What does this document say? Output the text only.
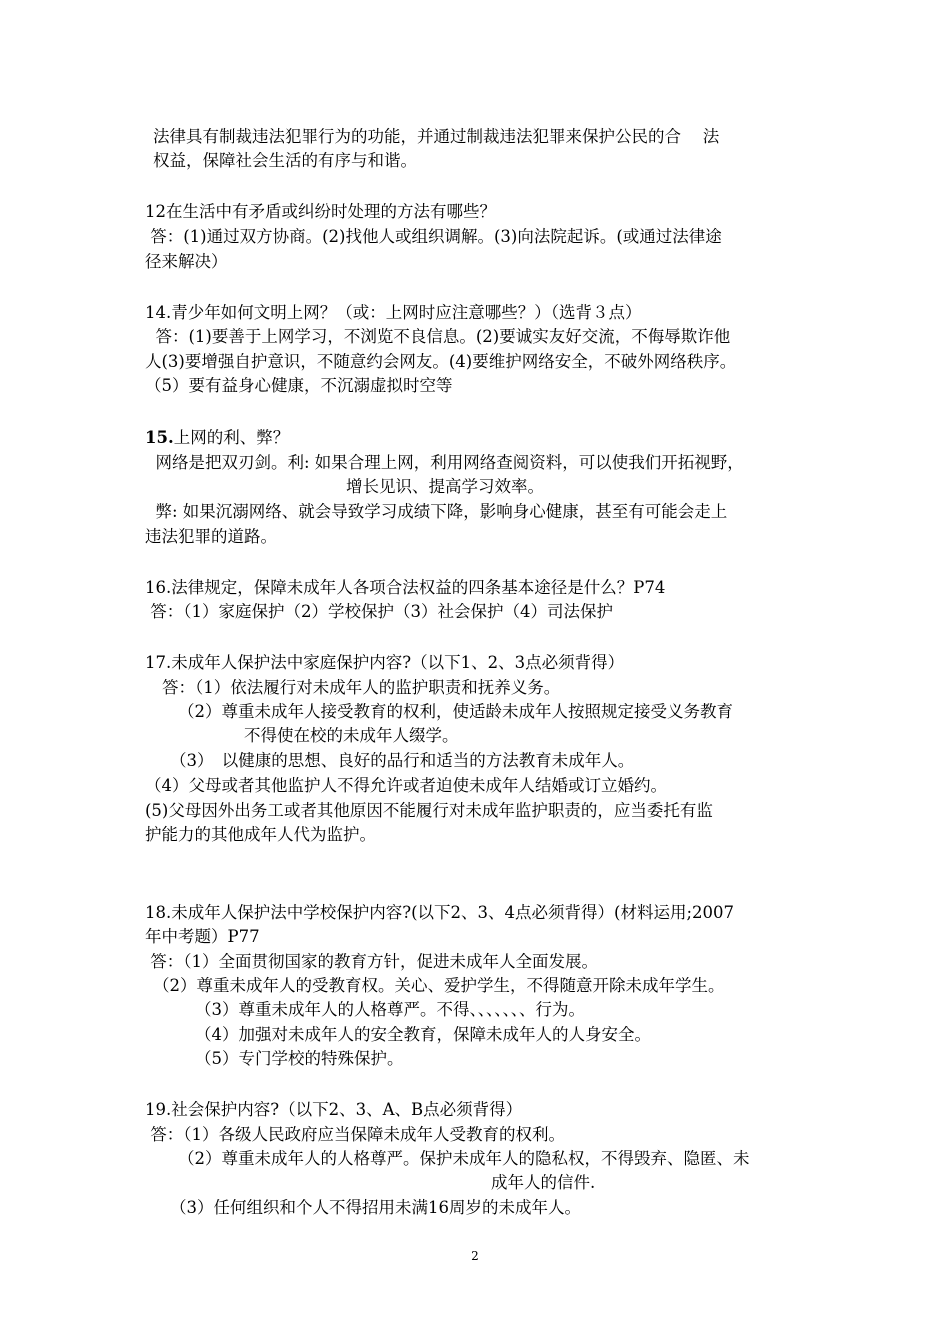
法律具有制裁违法犯罪行为的功能，并通过制裁违法犯罪来保护公民的合　 法
权益，保障社会生活的有序与和谐。
12在生活中有矛盾或纠纷时处理的方法有哪些？
答：(1)通过双方协商。(2)找他人或组织调解。(3)向法院起诉。(或通过法律途
径来解决）
14.青少年如何文明上网？（或：上网时应注意哪些？）（选背３点）
答：(1)要善于上网学习，不浏览不良信息。(2)要诚实友好交流，不侮辱欺诈他
人(3)要增强自护意识，不随意约会网友。(4)要维护网络安全，不破外网络秩序。
（5）要有益身心健康，不沉溺虚拟时空等
15.上网的利、弊？
网络是把双刃剑。利: 如果合理上网，利用网络查阅资料，可以使我们开拓视野，
增长见识、提高学习效率。
弊: 如果沉溺网络、就会导致学习成绩下降，影响身心健康，甚至有可能会走上
违法犯罪的道路。
16.法律规定，保障未成年人各项合法权益的四条基本途径是什么？P74
答：（1）家庭保护（2）学校保护（3）社会保护（4）司法保护
17.未成年人保护法中家庭保护内容?（以下1、2、3点必须背得）
答：（1）依法履行对未成年人的监护职责和抚养义务。
（2）尊重未成年人接受教育的权利，使适龄未成年人按照规定接受义务教育
不得使在校的未成年人缀学。
（3）　以健康的思想、良好的品行和适当的方法教育未成年人。
（4）父母或者其他监护人不得允许或者迫使未成年人结婚或订立婚约。
(5)父母因外出务工或者其他原因不能履行对未成年监护职责的，应当委托有监
护能力的其他成年人代为监护。
18.未成年人保护法中学校保护内容?(以下2、3、4点必须背得）(材料运用;2007
年中考题）P77
答：（1）全面贯彻国家的教育方针，促进未成年人全面发展。
（2）尊重未成年人的受教育权。关心、爱护学生，不得随意开除未成年学生。
（3）尊重未成年人的人格尊严。不得、、、、、、、行为。
（4）加强对未成年人的安全教育，保障未成年人的人身安全。
（5）专门学校的特殊保护。
19.社会保护内容?（以下2、3、A、B点必须背得）
答：（1）各级人民政府应当保障未成年人受教育的权利。
（2）尊重未成年人的人格尊严。保护未成年人的隐私权，不得毁弃、隐匿、未
成年人的信件.
（3）任何组织和个人不得招用未满16周岁的未成年人。
2
